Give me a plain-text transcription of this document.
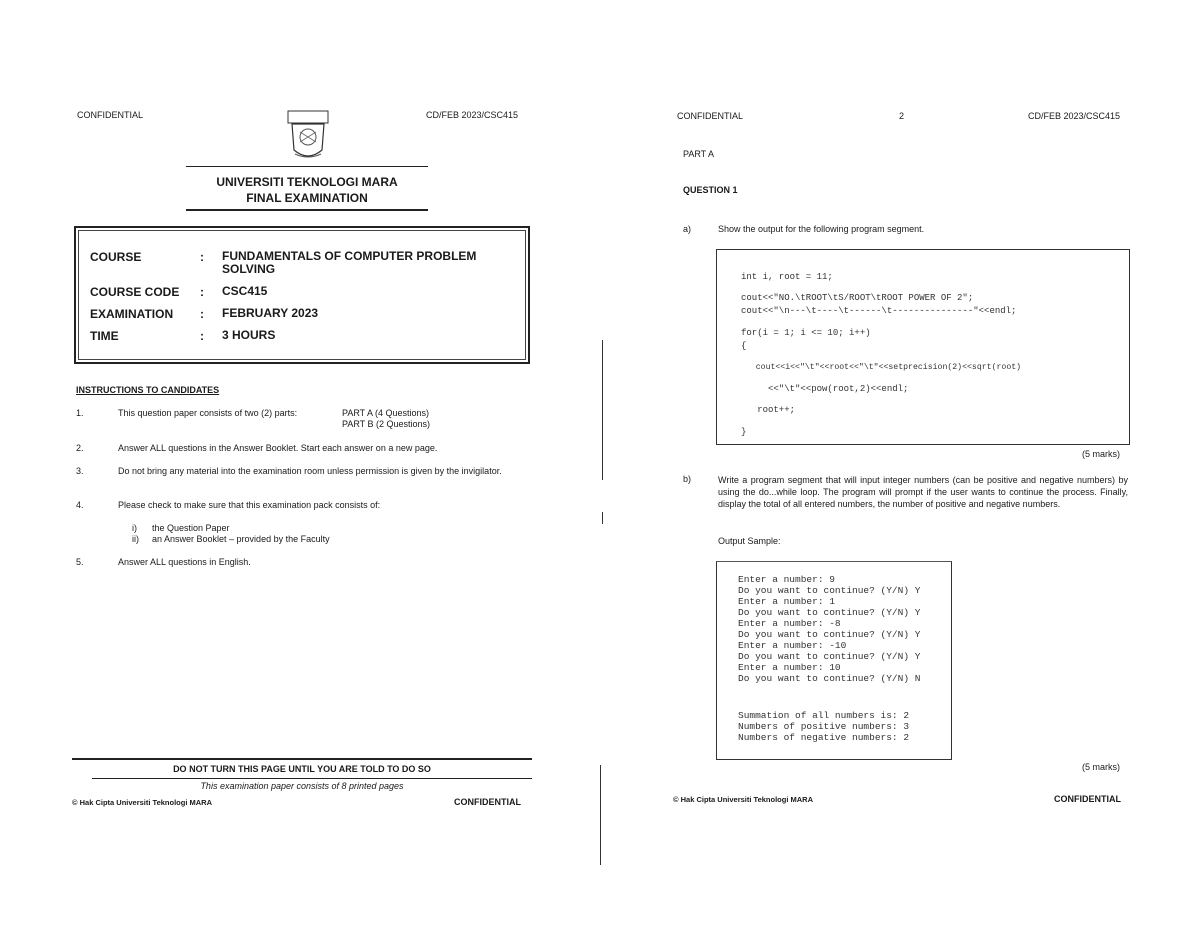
CONFIDENTIAL	CD/FEB 2023/CSC415
UNIVERSITI TEKNOLOGI MARA
FINAL EXAMINATION
COURSE	: FUNDAMENTALS OF COMPUTER PROBLEM SOLVING
COURSE CODE	: CSC415
EXAMINATION	: FEBRUARY 2023
TIME	: 3 HOURS
INSTRUCTIONS TO CANDIDATES
1.	This question paper consists of two (2) parts:	PART A (4 Questions)
PART B (2 Questions)
2.	Answer ALL questions in the Answer Booklet. Start each answer on a new page.
3.	Do not bring any material into the examination room unless permission is given by the invigilator.
4.	Please check to make sure that this examination pack consists of:
i) the Question Paper
ii) an Answer Booklet – provided by the Faculty
5.	Answer ALL questions in English.
DO NOT TURN THIS PAGE UNTIL YOU ARE TOLD TO DO SO
This examination paper consists of 8 printed pages
© Hak Cipta Universiti Teknologi MARA	CONFIDENTIAL
CONFIDENTIAL	2	CD/FEB 2023/CSC415
PART A
QUESTION 1
a)	Show the output for the following program segment.
int i, root = 11;
cout<<"NO.\tROOT\tS/ROOT\tROOT POWER OF 2";
cout<<"\n---\t----\t------\t---------------"<<endl;
for(i = 1; i <= 10; i++)
{
cout<<i<<"\t"<<root<<"\t"<<setprecision(2)<<sqrt(root)
<<"\t"<<pow(root,2)<<endl;
root++;
}
(5 marks)
b)	Write a program segment that will input integer numbers (can be positive and negative numbers) by using the do...while loop. The program will prompt if the user wants to continue the process. Finally, display the total of all entered numbers, the number of positive and negative numbers.
Output Sample:
Enter a number: 9
Do you want to continue? (Y/N) Y
Enter a number: 1
Do you want to continue? (Y/N) Y
Enter a number: -8
Do you want to continue? (Y/N) Y
Enter a number: -10
Do you want to continue? (Y/N) Y
Enter a number: 10
Do you want to continue? (Y/N) N
Summation of all numbers is: 2
Numbers of positive numbers: 3
Numbers of negative numbers: 2
(5 marks)
© Hak Cipta Universiti Teknologi MARA	CONFIDENTIAL
